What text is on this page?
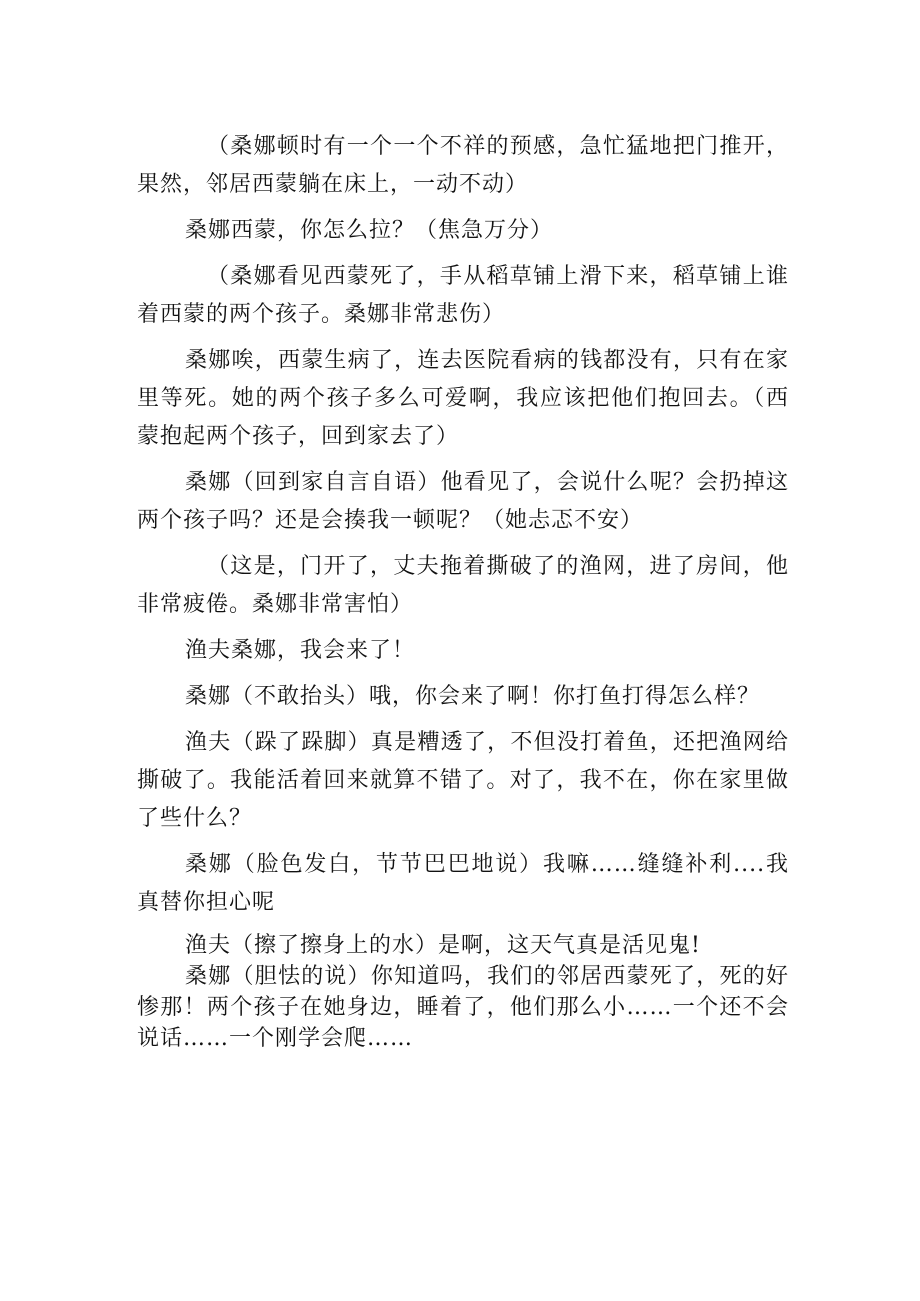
（桑娜顿时有一个一个不祥的预感，急忙猛地把门推开，果然，邻居西蒙躺在床上，一动不动）

桑娜西蒙，你怎么拉？（焦急万分）

（桑娜看见西蒙死了，手从稻草铺上滑下来，稻草铺上谁着西蒙的两个孩子。桑娜非常悲伤）

桑娜唉，西蒙生病了，连去医院看病的钱都没有，只有在家里等死。她的两个孩子多么可爱啊，我应该把他们抱回去。（西蒙抱起两个孩子，回到家去了）

桑娜（回到家自言自语）他看见了，会说什么呢？会扔掉这两个孩子吗？还是会揍我一顿呢？（她忐忑不安）

（这是，门开了，丈夫拖着撕破了的渔网，进了房间，他非常疲倦。桑娜非常害怕）

渔夫桑娜，我会来了！

桑娜（不敢抬头）哦，你会来了啊！你打鱼打得怎么样？

渔夫（跺了跺脚）真是糟透了，不但没打着鱼，还把渔网给撕破了。我能活着回来就算不错了。对了，我不在，你在家里做了些什么？

桑娜（脸色发白，节节巴巴地说）我嘛……缝缝补利....我真替你担心呢

渔夫（擦了擦身上的水）是啊，这天气真是活见鬼!

桑娜（胆怯的说）你知道吗，我们的邻居西蒙死了，死的好惨那！两个孩子在她身边，睡着了，他们那么小……一个还不会说话……一个刚学会爬……
